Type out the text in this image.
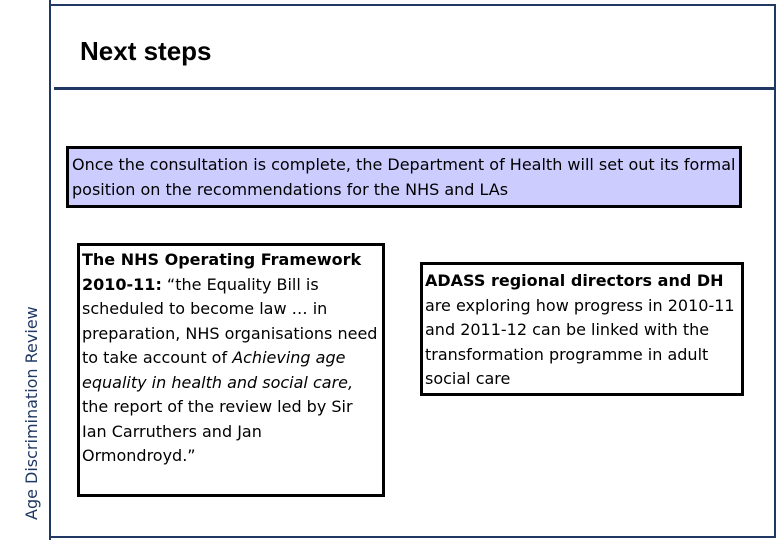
Age Discrimination Review
Next steps
Once the consultation is complete, the Department of Health will set out its formal position on the recommendations for the NHS and LAs
The NHS Operating Framework 2010-11: “the Equality Bill is scheduled to become law … in preparation, NHS organisations need to take account of Achieving age equality in health and social care, the report of the review led by Sir Ian Carruthers and Jan Ormondroyd.”
ADASS regional directors and DH are exploring how progress in 2010-11 and 2011-12 can be linked with the transformation programme in adult social care
